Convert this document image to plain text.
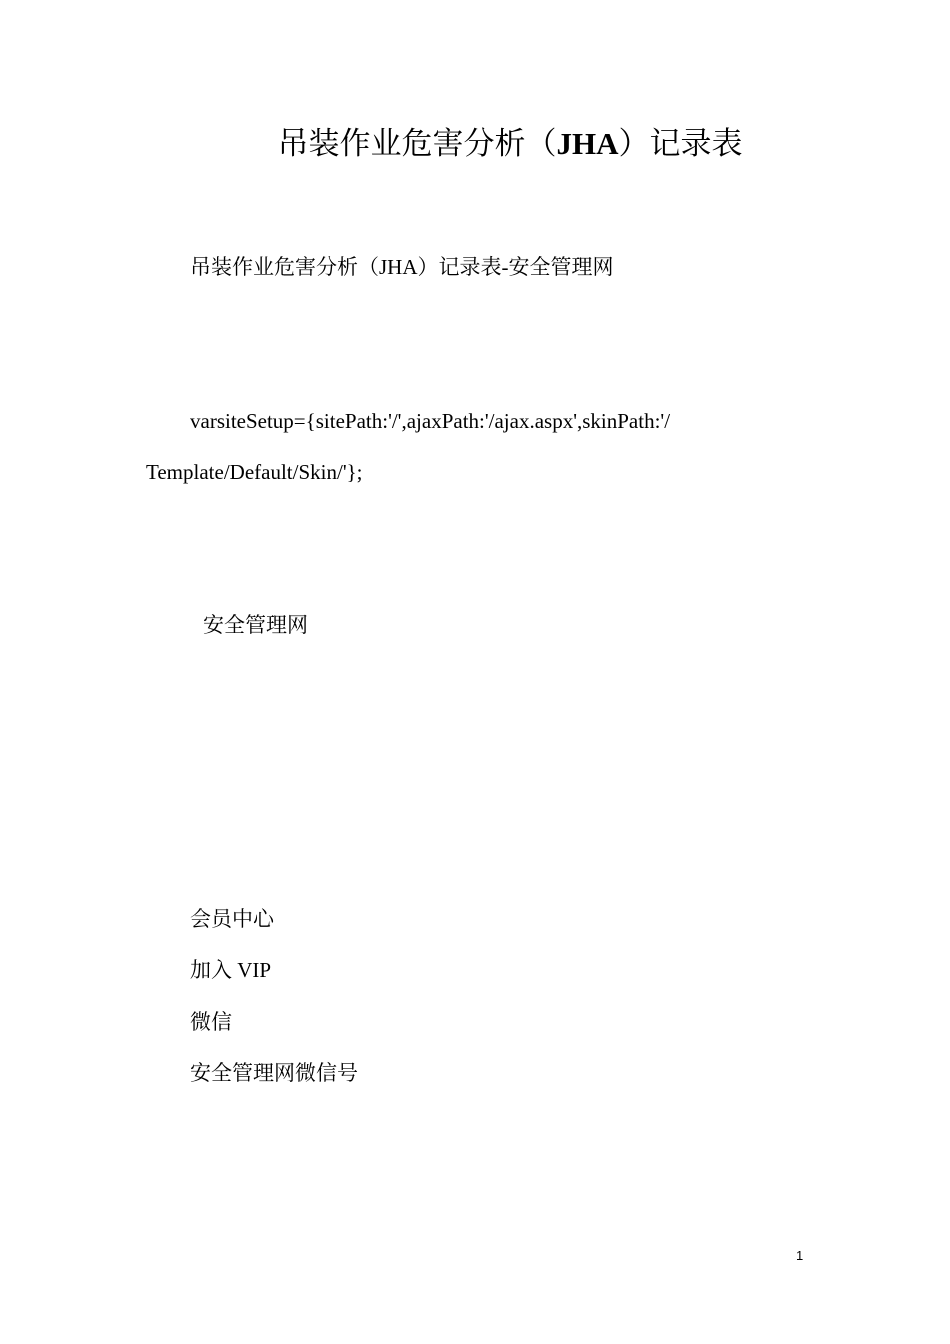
吊装作业危害分析（JHA）记录表

吊装作业危害分析（JHA）记录表-安全管理网

varsiteSetup={sitePath:'/',ajaxPath:'/ajax.aspx',skinPath:'/

Template/Default/Skin/'};

安全管理网

会员中心

加入 VIP

微信

安全管理网微信号

1
